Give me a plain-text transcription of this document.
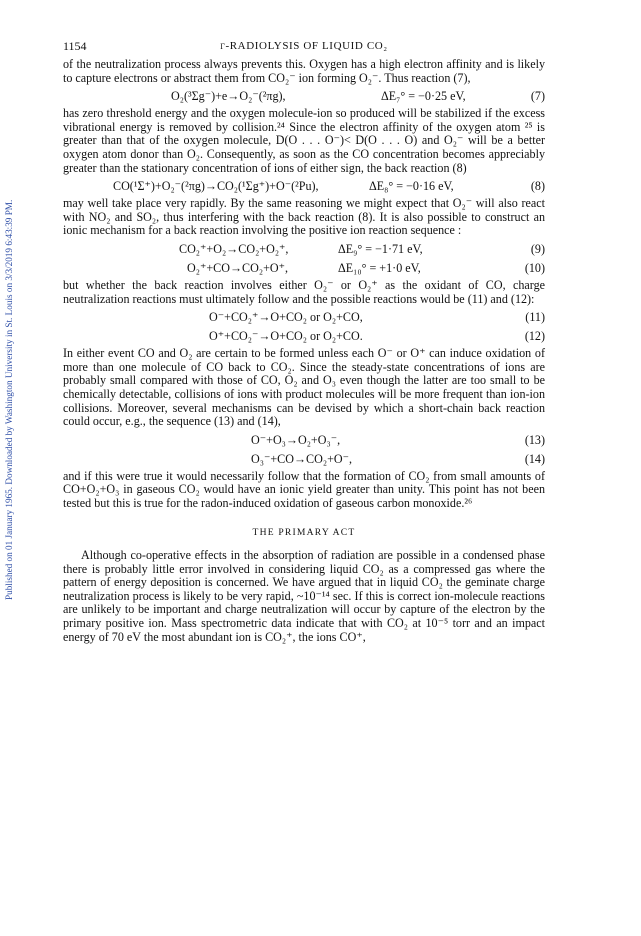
Published on 01 January 1965. Downloaded by Washington University in St. Louis on 3/3/2019 6:43:39 PM.
1154	γ-RADIOLYSIS OF LIQUID CO₂

of the neutralization process always prevents this. Oxygen has a high electron affinity and is likely to capture electrons or abstract them from CO₂⁻ ion forming O₂⁻. Thus reaction (7),

O₂(³Σg⁻)+e→O₂⁻(²πg),	ΔE₇° = −0·25 eV,	(7)

has zero threshold energy and the oxygen molecule-ion so produced will be stabilized if the excess vibrational energy is removed by collision.²⁴ Since the electron affinity of the oxygen atom ²⁵ is greater than that of the oxygen molecule, D(O . . . O⁻)< D(O . . . O) and O₂⁻ will be a better oxygen atom donor than O₂. Consequently, as soon as the CO concentration becomes appreciably greater than the stationary concentration of ions of either sign, the back reaction (8)

CO(¹Σ⁺)+O₂⁻(²πg)→CO₂(¹Σg⁺)+O⁻(²Pu),	ΔE₈° = −0·16 eV,	(8)

may well take place very rapidly. By the same reasoning we might expect that O₂⁻ will also react with NO₂ and SO₂, thus interfering with the back reaction (8). It is also possible to construct an ionic mechanism for a back reaction involving the positive ion reaction sequence :

CO₂⁺+O₂→CO₂+O₂⁺,	ΔE₉° = −1·71 eV,	(9)
O₂⁺+CO→CO₂+O⁺,	ΔE₁₀° = +1·0 eV,	(10)

but whether the back reaction involves either O₂⁻ or O₂⁺ as the oxidant of CO, charge neutralization reactions must ultimately follow and the possible reactions would be (11) and (12):

O⁻+CO₂⁺→O+CO₂ or O₂+CO,	(11)
O⁺+CO₂⁻→O+CO₂ or O₂+CO.	(12)

In either event CO and O₂ are certain to be formed unless each O⁻ or O⁺ can induce oxidation of more than one molecule of CO back to CO₂. Since the steady-state concentrations of ions are probably small compared with those of CO, O₂ and O₃ even though the latter are too small to be chemically detectable, collisions of ions with product molecules will be more frequent than ion-ion collisions. Moreover, several mechanisms can be devised by which a short-chain back reaction could occur, e.g., the sequence (13) and (14),

O⁻+O₃→O₂+O₃⁻,	(13)
O₃⁻+CO→CO₂+O⁻,	(14)

and if this were true it would necessarily follow that the formation of CO₂ from small amounts of CO+O₂+O₃ in gaseous CO₂ would have an ionic yield greater than unity. This point has not been tested but this is true for the radon-induced oxidation of gaseous carbon monoxide.²⁶

THE PRIMARY ACT

Although co-operative effects in the absorption of radiation are possible in a condensed phase there is probably little error involved in considering liquid CO₂ as a compressed gas where the pattern of energy deposition is concerned. We have argued that in liquid CO₂ the geminate charge neutralization process is likely to be very rapid, ~10⁻¹⁴ sec. If this is correct ion-molecule reactions are unlikely to be important and charge neutralization will occur by capture of the electron by the primary positive ion. Mass spectrometric data indicate that with CO₂ at 10⁻⁵ torr and an impact energy of 70 eV the most abundant ion is CO₂⁺, the ions CO⁺,
